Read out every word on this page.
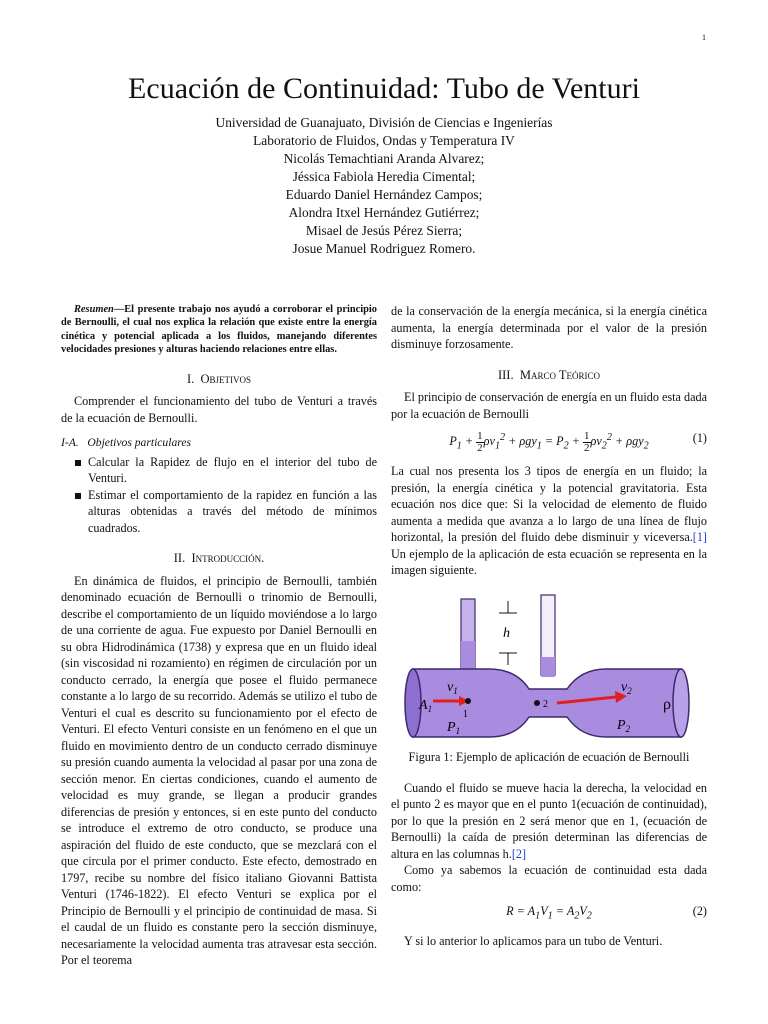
1
Ecuación de Continuidad: Tubo de Venturi
Universidad de Guanajuato, División de Ciencias e Ingenierías
Laboratorio de Fluidos, Ondas y Temperatura IV
Nicolás Temachtiani Aranda Alvarez;
Jéssica Fabiola Heredia Cimental;
Eduardo Daniel Hernández Campos;
Alondra Itxel Hernández Gutiérrez;
Misael de Jesús Pérez Sierra;
Josue Manuel Rodriguez Romero.

Resumen—El presente trabajo nos ayudó a corroborar el principio de Bernoulli, el cual nos explica la relación que existe entre la energía cinética y potencial aplicada a los fluidos, manejando diferentes velocidades presiones y alturas haciendo relaciones entre ellas.

I. Objetivos

Comprender el funcionamiento del tubo de Venturi a través de la ecuación de Bernoulli.

I-A. Objetivos particulares
Calcular la Rapidez de flujo en el interior del tubo de Venturi.
Estimar el comportamiento de la rapidez en función a las alturas obtenidas a través del método de mínimos cuadrados.
II. Introducción.

En dinámica de fluidos, el principio de Bernoulli, también denominado ecuación de Bernoulli o trinomio de Bernoulli, describe el comportamiento de un líquido moviéndose a lo largo de una corriente de agua. Fue expuesto por Daniel Bernoulli en su obra Hidrodinámica (1738) y expresa que en un fluido ideal (sin viscosidad ni rozamiento) en régimen de circulación por un conducto cerrado, la energía que posee el fluido permanece constante a lo largo de su recorrido. Además se utilizo el tubo de Venturi el cual es descrito su funcionamiento por el efecto de Venturi. El efecto Venturi consiste en un fenómeno en el que un fluido en movimiento dentro de un conducto cerrado disminuye su presión cuando aumenta la velocidad al pasar por una zona de sección menor. En ciertas condiciones, cuando el aumento de velocidad es muy grande, se llegan a producir grandes diferencias de presión y entonces, si en este punto del conducto se introduce el extremo de otro conducto, se produce una aspiración del fluido de este conducto, que se mezclará con el que circula por el primer conducto. Este efecto, demostrado en 1797, recibe su nombre del físico italiano Giovanni Battista Venturi (1746-1822). El efecto Venturi se explica por el Principio de Bernoulli y el principio de continuidad de masa. Si el caudal de un fluido es constante pero la sección disminuye, necesariamente la velocidad aumenta tras atravesar esta sección. Por el teorema

de la conservación de la energía mecánica, si la energía cinética aumenta, la energía determinada por el valor de la presión disminuye forzosamente.

III. Marco Teórico

El principio de conservación de energía en un fluido esta dada por la ecuación de Bernoulli

$P_1 + \frac{1}{2} \rho v_1^2 + \rho gy_1 = P_2 + \frac{1}{2} \rho v_2^2 + \rho gy_2$
(1)

La cual nos presenta los 3 tipos de energía en un fluido; la presión, la energía cinética y la potencial gravitatoria. Esta ecuación nos dice que: Si la velocidad de elemento de fluido aumenta a medida que avanza a lo largo de una línea de flujo horizontal, la presión del fluido debe disminuir y viceversa.[1] Un ejemplo de la aplicación de esta ecuación se representa en la imagen siguiente.

h
$A_1$
$v_1$
1
$P_1$
2
$v_2$
$P_2$
ρ
Figura 1: Ejemplo de aplicación de ecuación de Bernoulli

Cuando el fluido se mueve hacia la derecha, la velocidad en el punto 2 es mayor que en el punto 1(ecuación de continuidad), por lo que la presión en 2 será menor que en 1, (ecuación de Bernoulli) la caída de presión determinan las diferencias de altura en las columnas h.[2]

Como ya sabemos la ecuación de continuidad esta dada como:

$R = A_1V_1 = A_2V_2$	(2)

Y si lo anterior lo aplicamos para un tubo de Venturi.
